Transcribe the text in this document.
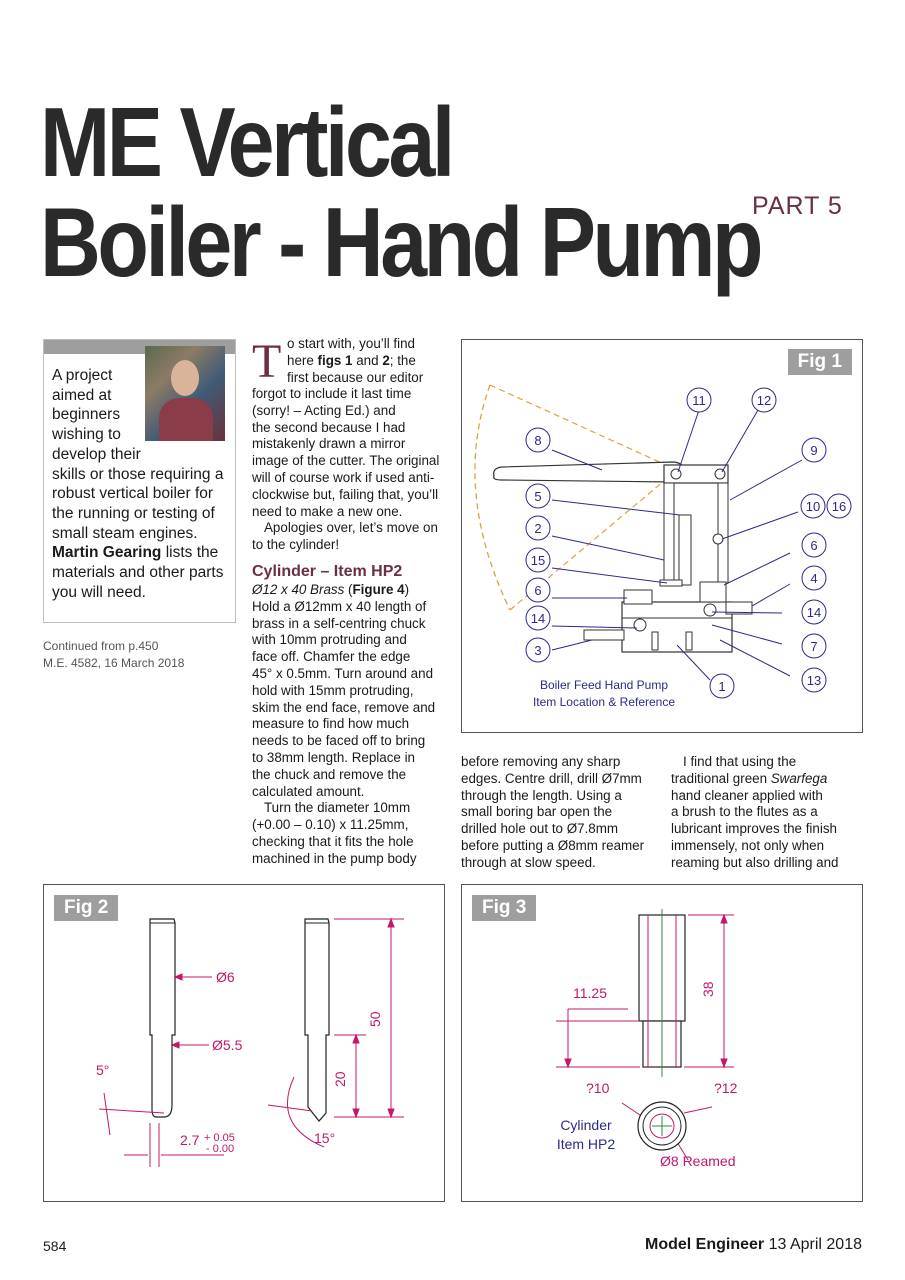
ME Vertical
Boiler - Hand Pump
PART 5
A project
aimed at
beginners
wishing to
develop their
skills or those requiring a
robust vertical boiler for
the running or testing of
small steam engines.
Martin Gearing lists the
materials and other parts
you will need.
Continued from p.450
M.E. 4582, 16 March 2018
T o start with, you’ll find
here figs 1 and 2; the
first because our editor
forgot to include it last time
(sorry! – Acting Ed.) and
the second because I had
mistakenly drawn a mirror
image of the cutter. The original
will of course work if used anti-
clockwise but, failing that, you’ll
need to make a new one.
Apologies over, let’s move on
to the cylinder!
Cylinder – Item HP2
Ø12 x 40 Brass (Figure 4)
Hold a Ø12mm x 40 length of
brass in a self-centring chuck
with 10mm protruding and
face off. Chamfer the edge
45° x 0.5mm. Turn around and
hold with 15mm protruding,
skim the end face, remove and
measure to find how much
needs to be faced off to bring
to 38mm length. Replace in
the chuck and remove the
calculated amount.
Turn the diameter 10mm
(+0.00 – 0.10) x 11.25mm,
checking that it fits the hole
machined in the pump body
before removing any sharp
edges. Centre drill, drill Ø7mm
through the length. Using a
small boring bar open the
drilled hole out to Ø7.8mm
before putting a Ø8mm reamer
through at slow speed.
I find that using the
traditional green Swarfega
hand cleaner applied with
a brush to the flutes as a
lubricant improves the finish
immensely, not only when
reaming but also drilling and
Fig 1
11	12
8
9
5
10 16
2
6
15
4
6
14	14
7
3
13
1
Boiler Feed Hand Pump
Item Location & Reference
Fig 2
Ø6
Ø5.5
5°
2.7 + 0.05
- 0.00
50
20
15°
Fig 3
11.25	38
?10	?12
Ø8 Reamed
Cylinder
Item HP2
584	Model Engineer 13 April 2018
